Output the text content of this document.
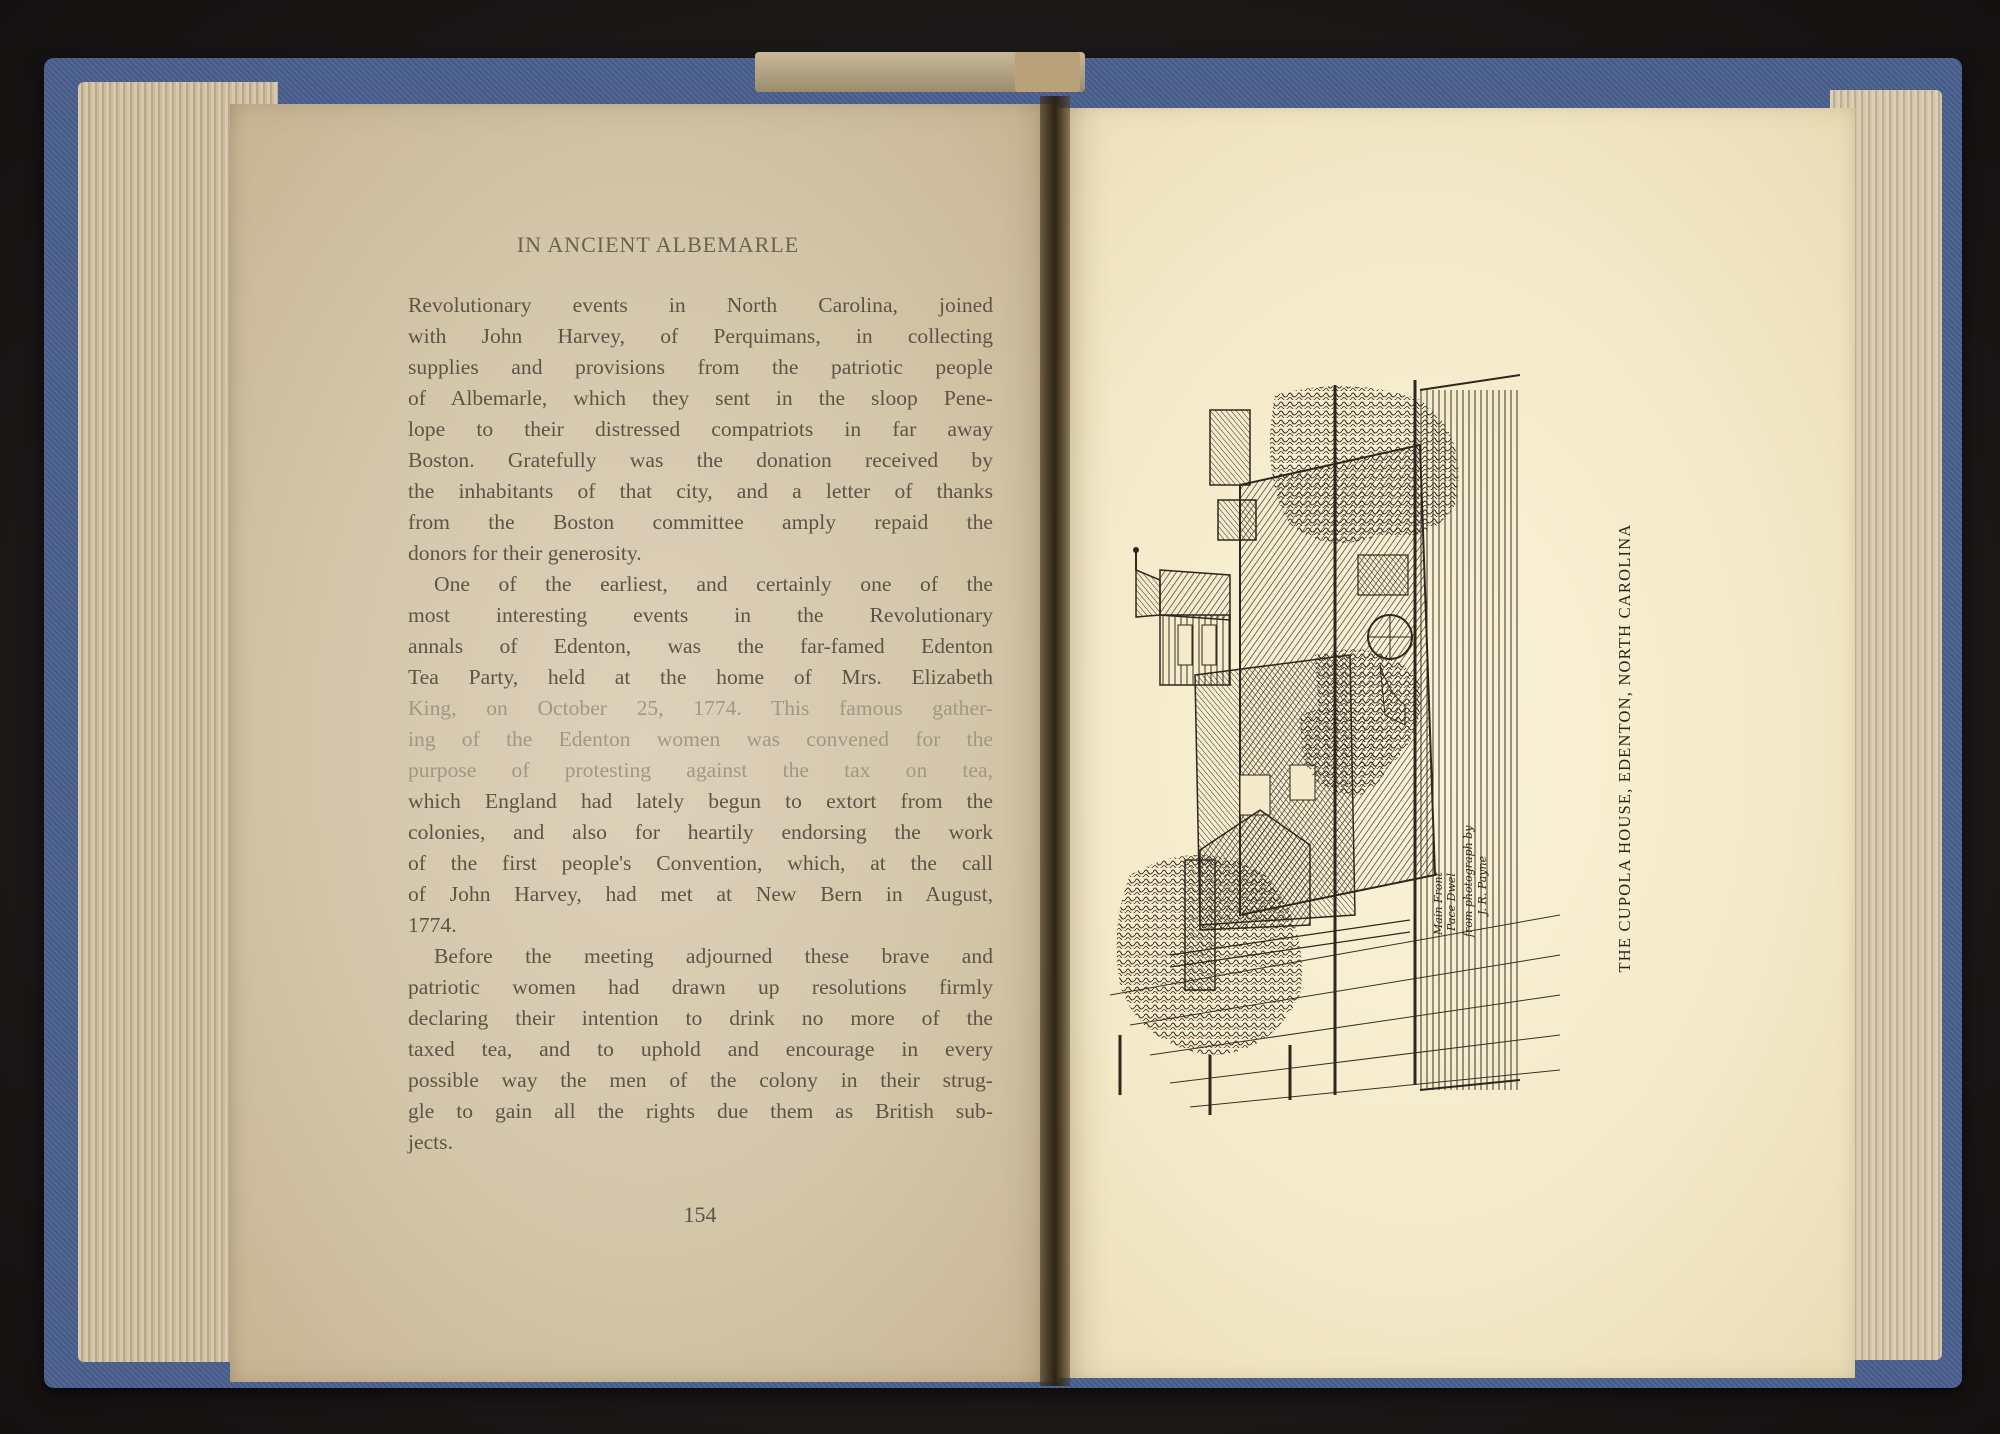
IN ANCIENT ALBEMARLE
Revolutionary events in North Carolina, joined
with John Harvey, of Perquimans, in collecting
supplies and provisions from the patriotic people
of Albemarle, which they sent in the sloop Pene-
lope to their distressed compatriots in far away
Boston. Gratefully was the donation received by
the inhabitants of that city, and a letter of thanks
from the Boston committee amply repaid the
donors for their generosity.
One of the earliest, and certainly one of the
most interesting events in the Revolutionary
annals of Edenton, was the far-famed Edenton
Tea Party, held at the home of Mrs. Elizabeth
King, on October 25, 1774. This famous gather-
ing of the Edenton women was convened for the
purpose of protesting against the tax on tea,
which England had lately begun to extort from the
colonies, and also for heartily endorsing the work
of the first people's Convention, which, at the call
of John Harvey, had met at New Bern in August,
1774.
Before the meeting adjourned these brave and
patriotic women had drawn up resolutions firmly
declaring their intention to drink no more of the
taxed tea, and to uphold and encourage in every
possible way the men of the colony in their strug-
gle to gain all the rights due them as British sub-
jects.
154
Main Front Pace Dwel from photograph by J. R. Payne	THE CUPOLA HOUSE, EDENTON, NORTH CAROLINA
